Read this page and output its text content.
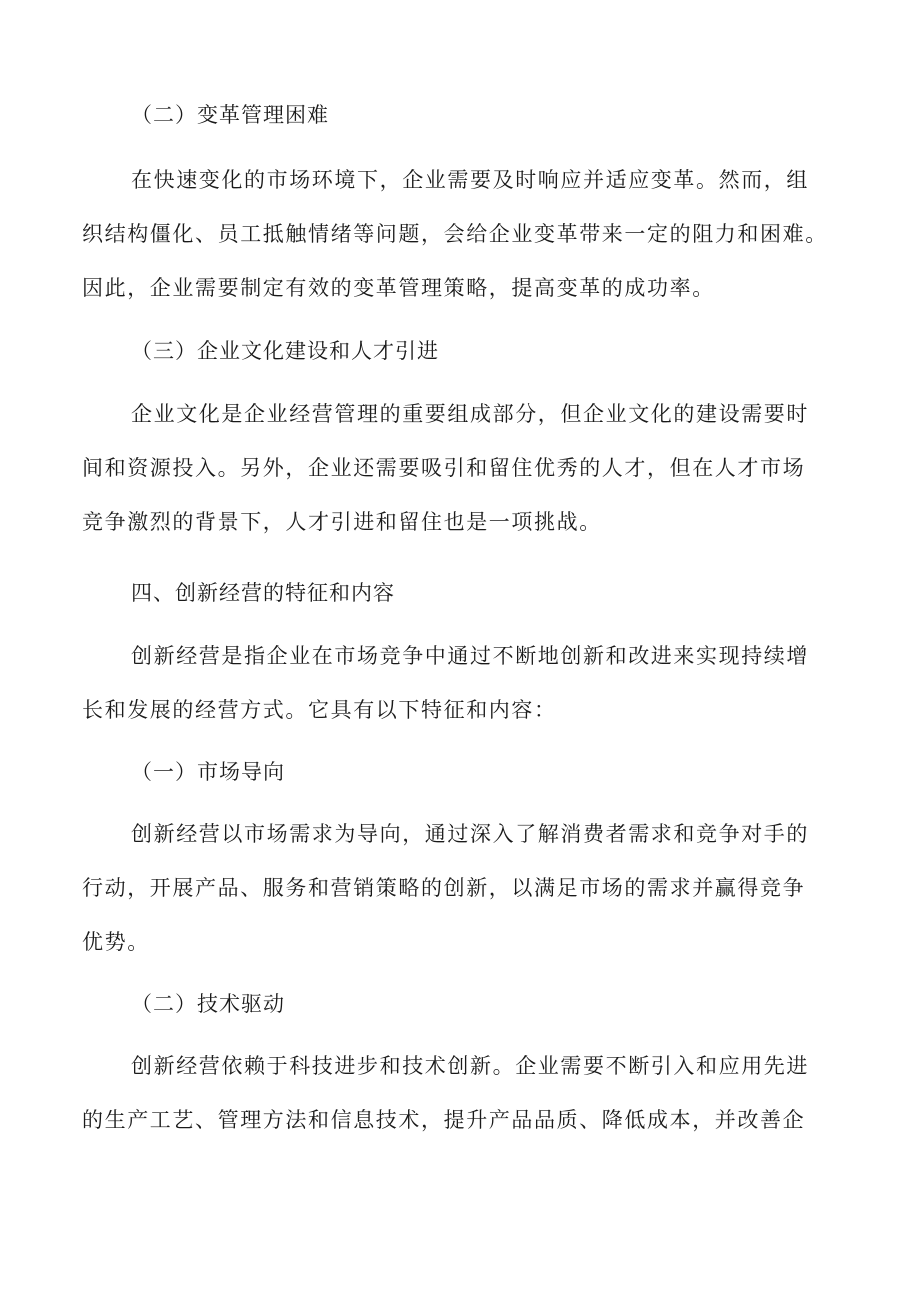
（二）变革管理困难
在快速变化的市场环境下，企业需要及时响应并适应变革。然而，组
织结构僵化、员工抵触情绪等问题，会给企业变革带来一定的阻力和困难。
因此，企业需要制定有效的变革管理策略，提高变革的成功率。
（三）企业文化建设和人才引进
企业文化是企业经营管理的重要组成部分，但企业文化的建设需要时
间和资源投入。另外，企业还需要吸引和留住优秀的人才，但在人才市场
竞争激烈的背景下，人才引进和留住也是一项挑战。
四、创新经营的特征和内容
创新经营是指企业在市场竞争中通过不断地创新和改进来实现持续增
长和发展的经营方式。它具有以下特征和内容：
（一）市场导向
创新经营以市场需求为导向，通过深入了解消费者需求和竞争对手的
行动，开展产品、服务和营销策略的创新，以满足市场的需求并赢得竞争
优势。
（二）技术驱动
创新经营依赖于科技进步和技术创新。企业需要不断引入和应用先进
的生产工艺、管理方法和信息技术，提升产品品质、降低成本，并改善企
